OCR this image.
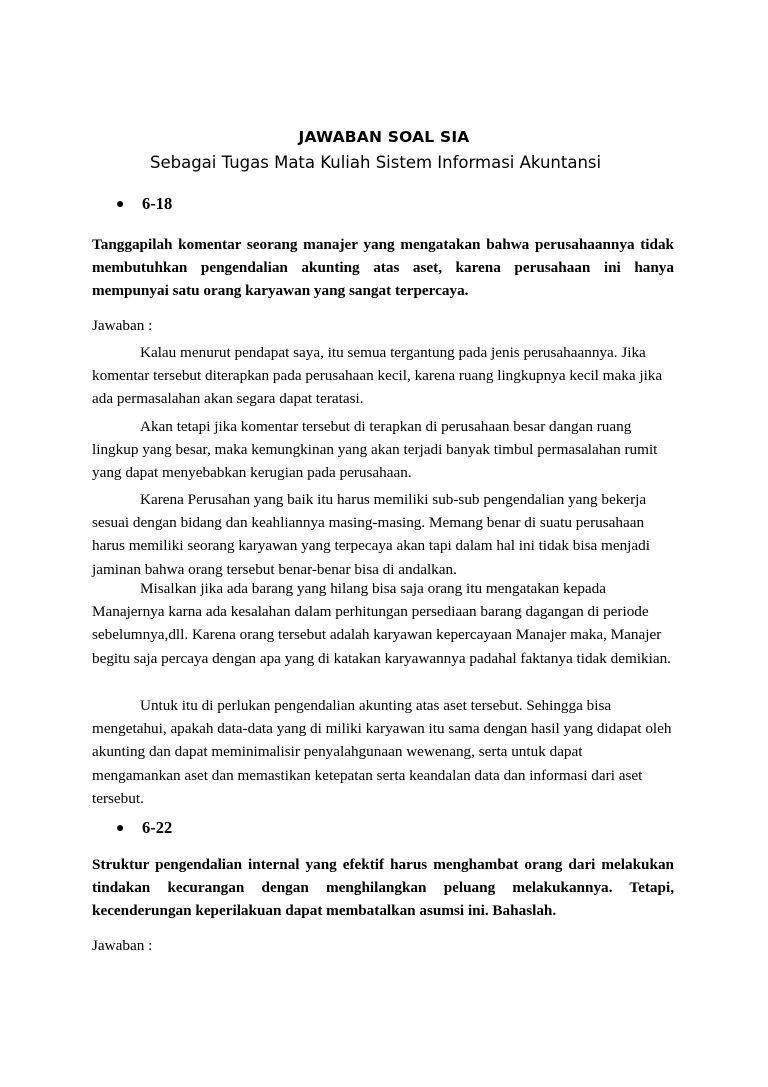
JAWABAN SOAL SIA
Sebagai Tugas Mata Kuliah Sistem Informasi Akuntansi
● 6-18

Tanggapilah komentar seorang manajer yang mengatakan bahwa perusahaannya tidak membutuhkan pengendalian akunting atas aset, karena perusahaan ini hanya mempunyai satu orang karyawan yang sangat terpercaya.

Jawaban :

Kalau menurut pendapat saya, itu semua tergantung pada jenis perusahaannya. Jika komentar tersebut diterapkan pada perusahaan kecil, karena ruang lingkupnya kecil maka jika ada permasalahan akan segara dapat teratasi.

Akan tetapi jika komentar tersebut di terapkan di perusahaan besar dangan ruang lingkup yang besar, maka kemungkinan yang akan terjadi banyak timbul permasalahan rumit yang dapat menyebabkan kerugian pada perusahaan.

Karena Perusahan yang baik itu harus memiliki sub-sub pengendalian yang bekerja sesuai dengan bidang dan keahliannya masing-masing. Memang benar di suatu perusahaan harus memiliki seorang karyawan yang terpecaya akan tapi dalam hal ini tidak bisa menjadi jaminan bahwa orang tersebut benar-benar bisa di andalkan.

Misalkan jika ada barang yang hilang bisa saja orang itu mengatakan kepada Manajernya karna ada kesalahan dalam perhitungan persediaan barang dagangan di periode sebelumnya,dll. Karena orang tersebut adalah karyawan kepercayaan Manajer maka, Manajer begitu saja percaya dengan apa yang di katakan karyawannya padahal faktanya tidak demikian.

Untuk itu di perlukan pengendalian akunting atas aset tersebut. Sehingga bisa mengetahui, apakah data-data yang di miliki karyawan itu sama dengan hasil yang didapat oleh akunting dan dapat meminimalisir penyalahgunaan wewenang, serta untuk dapat mengamankan aset dan memastikan ketepatan serta keandalan data dan informasi dari aset tersebut.

● 6-22

Struktur pengendalian internal yang efektif harus menghambat orang dari melakukan tindakan kecurangan dengan menghilangkan peluang melakukannya. Tetapi, kecenderungan keperilakuan dapat membatalkan asumsi ini. Bahaslah.

Jawaban :
